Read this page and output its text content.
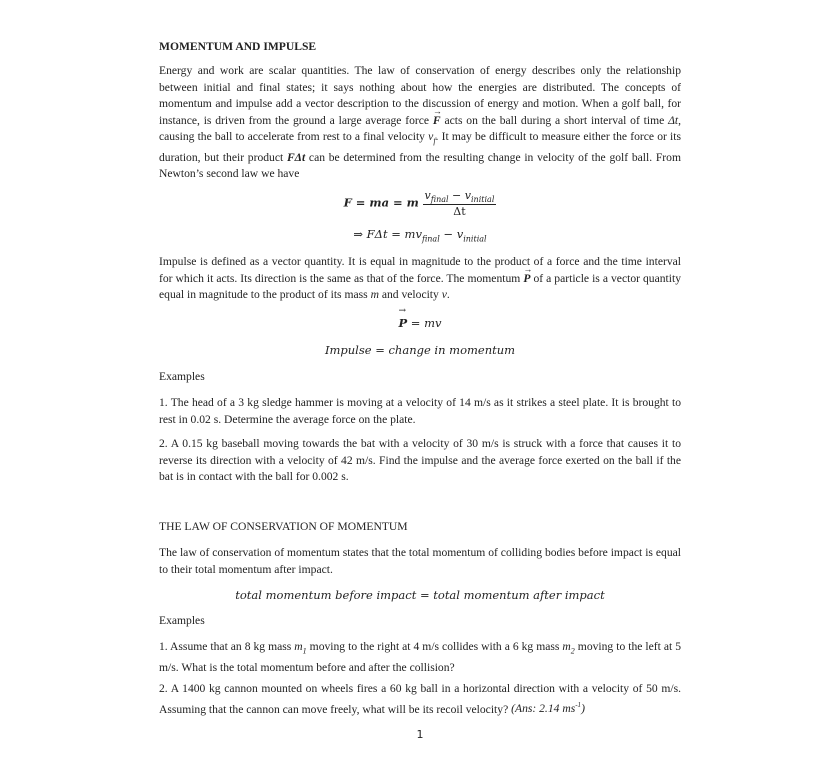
MOMENTUM AND IMPULSE

Energy and work are scalar quantities. The law of conservation of energy describes only the relationship between initial and final states; it says nothing about how the energies are distributed. The concepts of momentum and impulse add a vector description to the discussion of energy and motion. When a golf ball, for instance, is driven from the ground a large average force → F acts on the ball during a short interval of time Δt, causing the ball to accelerate from rest to a final velocity $v_f$. It may be difficult to measure either the force or its duration, but their product FΔt can be determined from the resulting change in velocity of the golf ball. From Newton’s second law we have

F = ma = m $\frac{v_{final} - v_{initial}}{\Delta t}$
⇒ $F\Delta t = mv_{final} - v_{initial}$

Impulse is defined as a vector quantity. It is equal in magnitude to the product of a force and the time interval for which it acts. Its direction is the same as that of the force. The momentum → P of a particle is a vector quantity equal in magnitude to the product of its mass m and velocity v.

→ P = mv
Impulse = change in momentum

Examples

1. The head of a 3 kg sledge hammer is moving at a velocity of 14 m/s as it strikes a steel plate. It is brought to rest in 0.02 s. Determine the average force on the plate.

2. A 0.15 kg baseball moving towards the bat with a velocity of 30 m/s is struck with a force that causes it to reverse its direction with a velocity of 42 m/s. Find the impulse and the average force exerted on the ball if the bat is in contact with the ball for 0.002 s.

THE LAW OF CONSERVATION OF MOMENTUM

The law of conservation of momentum states that the total momentum of colliding bodies before impact is equal to their total momentum after impact.

total momentum before impact = total momentum after impact

Examples

1. Assume that an 8 kg mass $m_1$ moving to the right at 4 m/s collides with a 6 kg mass $m_2$ moving to the left at 5 m/s. What is the total momentum before and after the collision?

2. A 1400 kg cannon mounted on wheels fires a 60 kg ball in a horizontal direction with a velocity of 50 m/s. Assuming that the cannon can move freely, what will be its recoil velocity? (Ans: 2.14 $ms^{-1}$)

1
